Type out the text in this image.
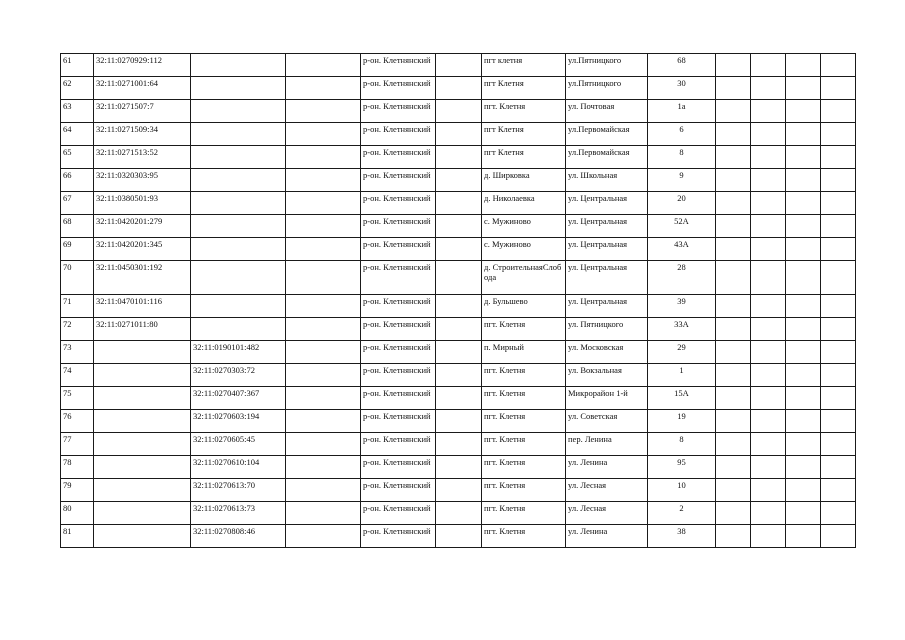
61	32:11:0270929:112			р-он. Клетнянский		пгт клетня	ул.Пятницкого	68				
62	32:11:0271001:64			р-он. Клетнянский		пгт Клетня	ул.Пятницкого	30				
63	32:11:0271507:7			р-он. Клетнянский		пгт. Клетня	ул. Почтовая	1а				
64	32:11:0271509:34			р-он. Клетнянский		пгт Клетня	ул.Первомайская	6				
65	32:11:0271513:52			р-он. Клетнянский		пгт Клетня	ул.Первомайская	8				
66	32:11:0320303:95			р-он. Клетнянский		д. Ширковка	ул. Школьная	9				
67	32:11:0380501:93			р-он. Клетнянский		д. Николаевка	ул. Центральная	20				
68	32:11:0420201:279			р-он. Клетнянский		с. Мужиново	ул. Центральная	52А				
69	32:11:0420201:345			р-он. Клетнянский		с. Мужиново	ул. Центральная	43А				
70	32:11:0450301:192			р-он. Клетнянский		д. СтроительнаяСлобода	ул. Центральная	28				
71	32:11:0470101:116			р-он. Клетнянский		д. Бульшево	ул. Центральная	39				
72	32:11:0271011:80			р-он. Клетнянский		пгт. Клетня	ул. Пятницкого	33А				
73		32:11:0190101:482		р-он. Клетнянский		п. Мирный	ул. Московская	29				
74		32:11:0270303:72		р-он. Клетнянский		пгт. Клетня	ул. Вокзальная	1				
75		32:11:0270407:367		р-он. Клетнянский		пгт. Клетня	Микрорайон 1-й	15А				
76		32:11:0270603:194		р-он. Клетнянский		пгт. Клетня	ул. Советская	19				
77		32:11:0270605:45		р-он. Клетнянский		пгт. Клетня	пер. Ленина	8				
78		32:11:0270610:104		р-он. Клетнянский		пгт. Клетня	ул. Ленина	95				
79		32:11:0270613:70		р-он. Клетнянский		пгт. Клетня	ул. Лесная	10				
80		32:11:0270613:73		р-он. Клетнянский		пгт. Клетня	ул. Лесная	2				
81		32:11:0270808:46		р-он. Клетнянский		пгт. Клетня	ул. Ленина	38				
